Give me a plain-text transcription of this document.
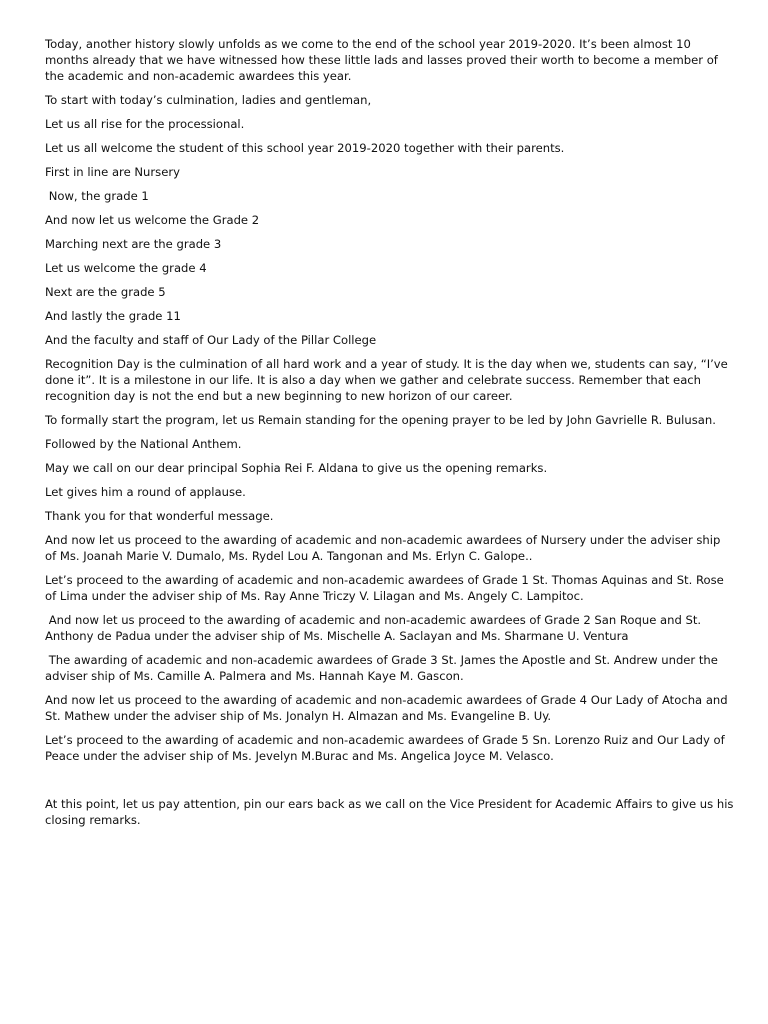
Today, another history slowly unfolds as we come to the end of the school year 2019-2020. It’s been almost 10 months already that we have witnessed how these little lads and lasses proved their worth to become a member of the academic and non-academic awardees this year.

To start with today’s culmination, ladies and gentleman,

Let us all rise for the processional.

Let us all welcome the student of this school year 2019-2020 together with their parents.

First in line are Nursery

Now, the grade 1

And now let us welcome the Grade 2

Marching next are the grade 3

Let us welcome the grade 4

Next are the grade 5

And lastly the grade 11

And the faculty and staff of Our Lady of the Pillar College

Recognition Day is the culmination of all hard work and a year of study. It is the day when we, students can say, “I’ve done it”. It is a milestone in our life. It is also a day when we gather and celebrate success. Remember that each recognition day is not the end but a new beginning to new horizon of our career.

To formally start the program, let us Remain standing for the opening prayer to be led by John Gavrielle R. Bulusan.

Followed by the National Anthem.

May we call on our dear principal Sophia Rei F. Aldana to give us the opening remarks.

Let gives him a round of applause.

Thank you for that wonderful message.

And now let us proceed to the awarding of academic and non-academic awardees of Nursery under the adviser ship of Ms. Joanah Marie V. Dumalo, Ms. Rydel Lou A. Tangonan and Ms. Erlyn C. Galope..

Let’s proceed to the awarding of academic and non-academic awardees of Grade 1 St. Thomas Aquinas and St. Rose of Lima under the adviser ship of Ms. Ray Anne Triczy V. Lilagan and Ms. Angely C. Lampitoc.

And now let us proceed to the awarding of academic and non-academic awardees of Grade 2 San Roque and St. Anthony de Padua under the adviser ship of Ms. Mischelle A. Saclayan and Ms. Sharmane U. Ventura

The awarding of academic and non-academic awardees of Grade 3 St. James the Apostle and St. Andrew under the adviser ship of Ms. Camille A. Palmera and Ms. Hannah Kaye M. Gascon.

And now let us proceed to the awarding of academic and non-academic awardees of Grade 4 Our Lady of Atocha and St. Mathew under the adviser ship of Ms. Jonalyn H. Almazan and Ms. Evangeline B. Uy.

Let’s proceed to the awarding of academic and non-academic awardees of Grade 5 Sn. Lorenzo Ruiz and Our Lady of Peace under the adviser ship of Ms. Jevelyn M.Burac and Ms. Angelica Joyce M. Velasco.

At this point, let us pay attention, pin our ears back as we call on the Vice President for Academic Affairs to give us his closing remarks.
